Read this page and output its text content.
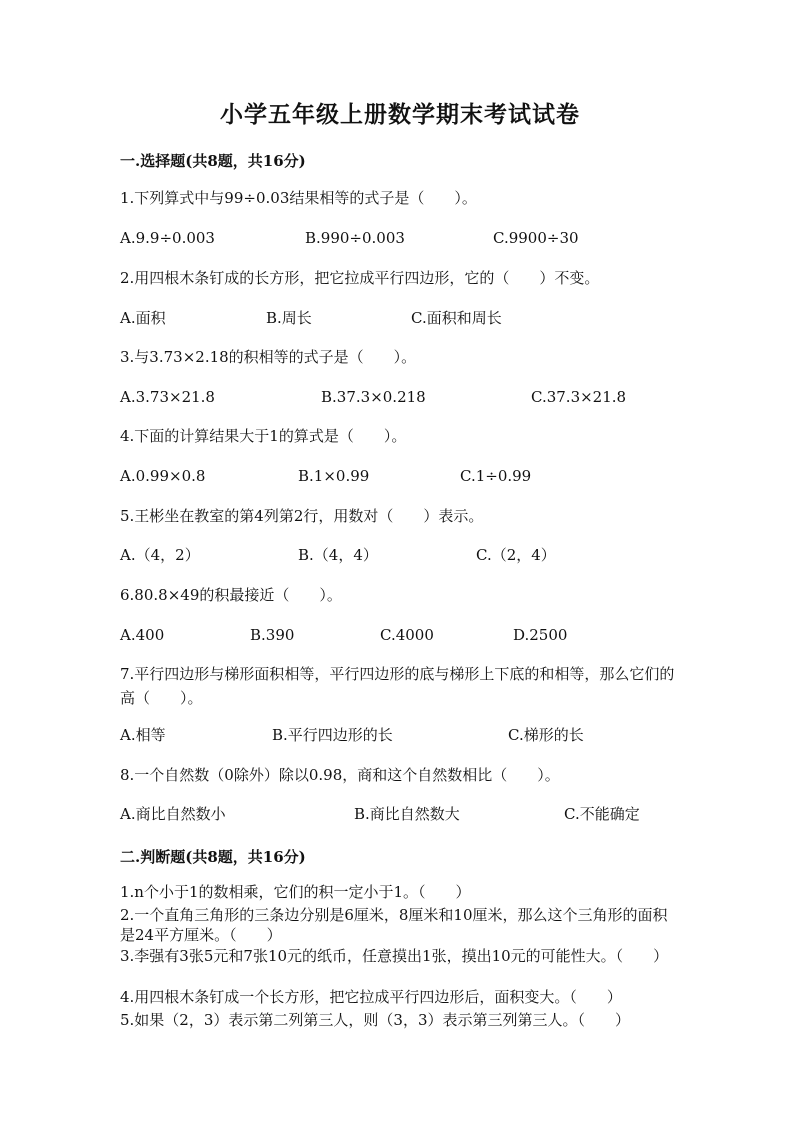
小学五年级上册数学期末考试试卷
一.选择题(共8题，共16分)
1.下列算式中与99÷0.03结果相等的式子是（　　）。
A.9.9÷0.003	B.990÷0.003	C.9900÷30
2.用四根木条钉成的长方形，把它拉成平行四边形，它的（　　）不变。
A.面积	B.周长	C.面积和周长
3.与3.73×2.18的积相等的式子是（　　）。
A.3.73×21.8	B.37.3×0.218	C.37.3×21.8
4.下面的计算结果大于1的算式是（　　）。
A.0.99×0.8	B.1×0.99	C.1÷0.99
5.王彬坐在教室的第4列第2行，用数对（　　）表示。
A.（4，2）	B.（4，4）	C.（2，4）
6.80.8×49的积最接近（　　）。
A.400	B.390	C.4000	D.2500
7.平行四边形与梯形面积相等，平行四边形的底与梯形上下底的和相等，那么它们的高（　　）。
A.相等	B.平行四边形的长	C.梯形的长
8.一个自然数（0除外）除以0.98，商和这个自然数相比（　　）。
A.商比自然数小	B.商比自然数大	C.不能确定
二.判断题(共8题，共16分)
1.n个小于1的数相乘，它们的积一定小于1。（　　）
2.一个直角三角形的三条边分别是6厘米，8厘米和10厘米，那么这个三角形的面积是24平方厘米。（　　）
3.李强有3张5元和7张10元的纸币，任意摸出1张，摸出10元的可能性大。（　　）
4.用四根木条钉成一个长方形，把它拉成平行四边形后，面积变大。（　　）
5.如果（2，3）表示第二列第三人，则（3，3）表示第三列第三人。（　　）
